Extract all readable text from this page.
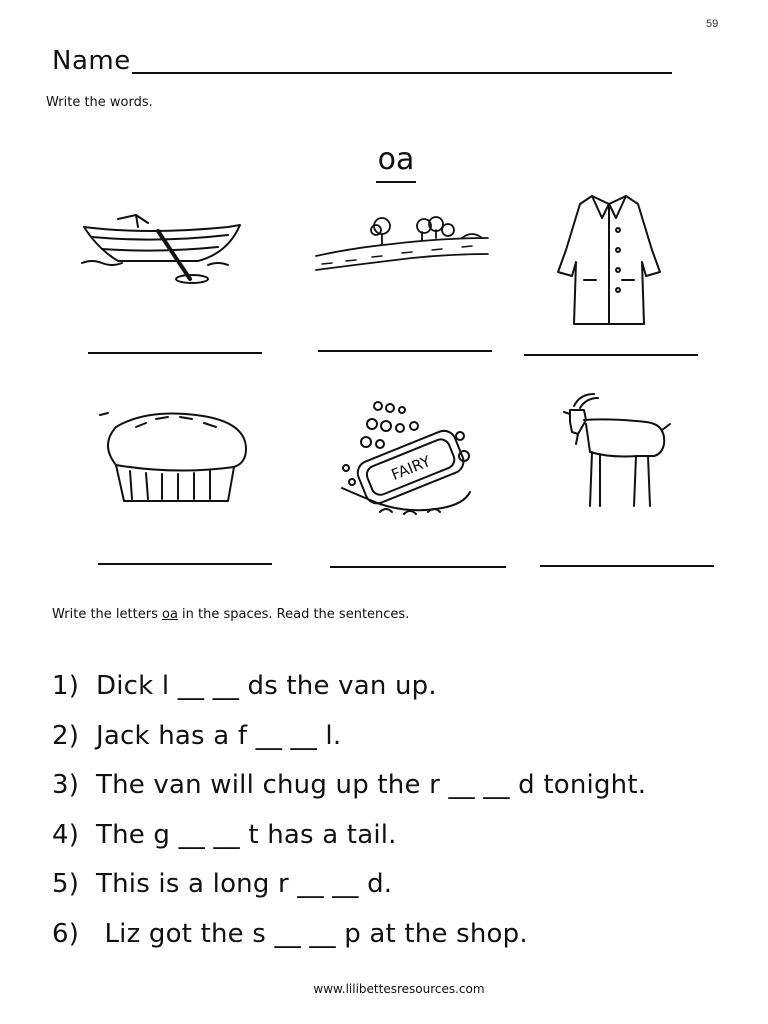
59
Name
Write the words.
oa
FAIRY
Write the letters oa in the spaces. Read the sentences.
1)  Dick l __ __ ds the van up.
2)  Jack has a f __ __ l.
3)  The van will chug up the r __ __ d tonight.
4)  The g __ __ t has a tail.
5)  This is a long r __ __ d.
6)   Liz got the s __ __ p at the shop.
www.lilibettesresources.com
